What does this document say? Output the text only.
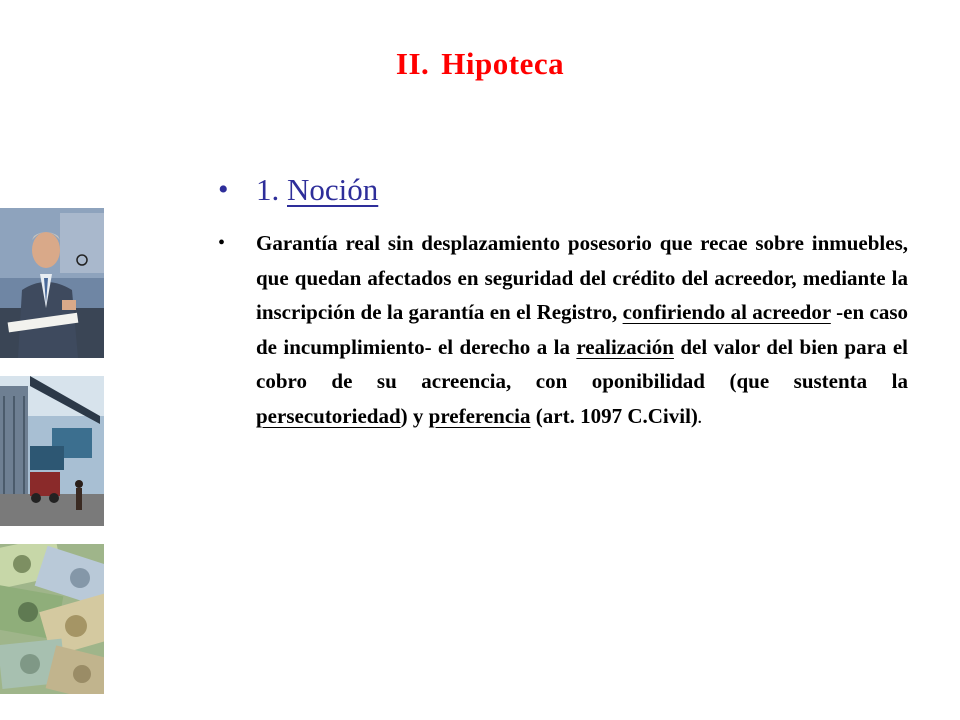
II. Hipoteca
• 1. Noción
• Garantía real sin desplazamiento posesorio que recae sobre inmuebles, que quedan afectados en seguridad del crédito del acreedor, mediante la inscripción de la garantía en el Registro, confiriendo al acreedor -en caso de incumplimiento- el derecho a la realización del valor del bien para el cobro de su acreencia, con oponibilidad (que sustenta la persecutoriedad) y preferencia (art. 1097 C.Civil).
